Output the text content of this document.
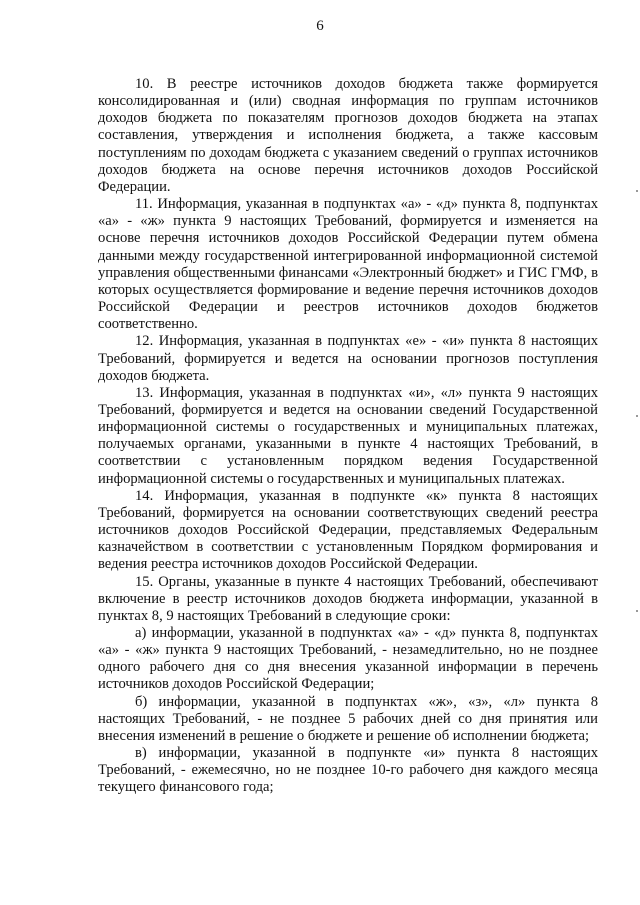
6

10. В реестре источников доходов бюджета также формируется консолидированная и (или) сводная информация по группам источников доходов бюджета по показателям прогнозов доходов бюджета на этапах составления, утверждения и исполнения бюджета, а также кассовым поступлениям по доходам бюджета с указанием сведений о группах источников доходов бюджета на основе перечня источников доходов Российской Федерации.

11. Информация, указанная в подпунктах «а» - «д» пункта 8, подпунктах «а» - «ж» пункта 9 настоящих Требований, формируется и изменяется на основе перечня источников доходов Российской Федерации путем обмена данными между государственной интегрированной информационной системой управления общественными финансами «Электронный бюджет» и ГИС ГМФ, в которых осуществляется формирование и ведение перечня источников доходов Российской Федерации и реестров источников доходов бюджетов соответственно.

12. Информация, указанная в подпунктах «е» - «и» пункта 8 настоящих Требований, формируется и ведется на основании прогнозов поступления доходов бюджета.

13. Информация, указанная в подпунктах «и», «л» пункта 9 настоящих Требований, формируется и ведется на основании сведений Государственной информационной системы о государственных и муниципальных платежах, получаемых органами, указанными в пункте 4 настоящих Требований, в соответствии с установленным порядком ведения Государственной информационной системы о государственных и муниципальных платежах.

14. Информация, указанная в подпункте «к» пункта 8 настоящих Требований, формируется на основании соответствующих сведений реестра источников доходов Российской Федерации, представляемых Федеральным казначейством в соответствии с установленным Порядком формирования и ведения реестра источников доходов Российской Федерации.

15. Органы, указанные в пункте 4 настоящих Требований, обеспечивают включение в реестр источников доходов бюджета информации, указанной в пунктах 8, 9 настоящих Требований в следующие сроки:

а) информации, указанной в подпунктах «а» - «д» пункта 8, подпунктах «а» - «ж» пункта 9 настоящих Требований, - незамедлительно, но не позднее одного рабочего дня со дня внесения указанной информации в перечень источников доходов Российской Федерации;

б) информации, указанной в подпунктах «ж», «з», «л» пункта 8 настоящих Требований, - не позднее 5 рабочих дней со дня принятия или внесения изменений в решение о бюджете и решение об исполнении бюджета;

в) информации, указанной в подпункте «и» пункта 8 настоящих Требований, - ежемесячно, но не позднее 10-го рабочего дня каждого месяца текущего финансового года;
